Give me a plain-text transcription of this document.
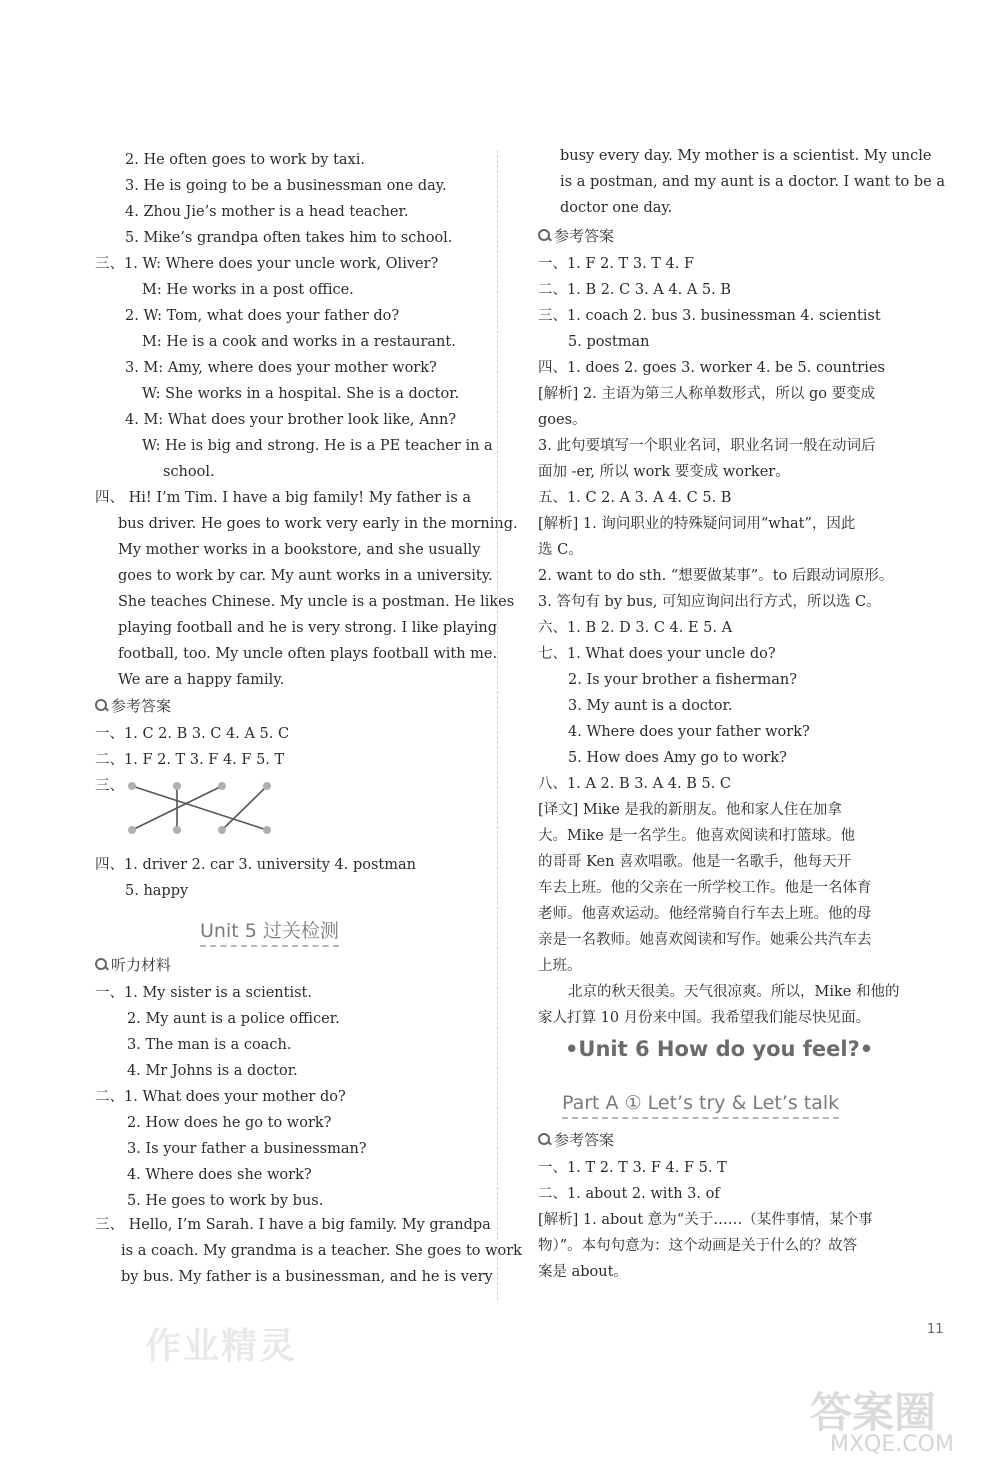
2. He often goes to work by taxi.
3. He is going to be a businessman one day.
4. Zhou Jie’s mother is a head teacher.
5. Mike’s grandpa often takes him to school.
三、1. W: Where does your uncle work, Oliver?
M: He works in a post office.
2. W: Tom, what does your father do?
M: He is a cook and works in a restaurant.
3. M: Amy, where does your mother work?
W: She works in a hospital. She is a doctor.
4. M: What does your brother look like, Ann?
W: He is big and strong. He is a PE teacher in a
school.
四、 Hi! I’m Tim. I have a big family! My father is a
bus driver. He goes to work very early in the morning.
My mother works in a bookstore, and she usually
goes to work by car. My aunt works in a university.
She teaches Chinese. My uncle is a postman. He likes
playing football and he is very strong. I like playing
football, too. My uncle often plays football with me.
We are a happy family.
参考答案
一、1. C 2. B 3. C 4. A 5. C
二、1. F 2. T 3. F 4. F 5. T
三、
四、1. driver 2. car 3. university 4. postman
5. happy
听力材料
一、1. My sister is a scientist.
2. My aunt is a police officer.
3. The man is a coach.
4. Mr Johns is a doctor.
二、1. What does your mother do?
2. How does he go to work?
3. Is your father a businessman?
4. Where does she work?
5. He goes to work by bus.
三、 Hello, I’m Sarah. I have a big family. My grandpa
is a coach. My grandma is a teacher. She goes to work
by bus. My father is a businessman, and he is very
busy every day. My mother is a scientist. My uncle
is a postman, and my aunt is a doctor. I want to be a
doctor one day.
参考答案
一、1. F 2. T 3. T 4. F
二、1. B 2. C 3. A 4. A 5. B
三、1. coach 2. bus 3. businessman 4. scientist
5. postman
四、1. does 2. goes 3. worker 4. be 5. countries
[解析] 2. 主语为第三人称单数形式，所以 go 要变成
goes。
3. 此句要填写一个职业名词，职业名词一般在动词后
面加 -er, 所以 work 要变成 worker。
五、1. C 2. A 3. A 4. C 5. B
[解析] 1. 询问职业的特殊疑问词用“what”，因此
选 C。
2. want to do sth. “想要做某事”。to 后跟动词原形。
3. 答句有 by bus, 可知应询问出行方式，所以选 C。
六、1. B 2. D 3. C 4. E 5. A
七、1. What does your uncle do?
2. Is your brother a fisherman?
3. My aunt is a doctor.
4. Where does your father work?
5. How does Amy go to work?
八、1. A 2. B 3. A 4. B 5. C
[译文] Mike 是我的新朋友。他和家人住在加拿
大。Mike 是一名学生。他喜欢阅读和打篮球。他
的哥哥 Ken 喜欢唱歌。他是一名歌手，他每天开
车去上班。他的父亲在一所学校工作。他是一名体育
老师。他喜欢运动。他经常骑自行车去上班。他的母
亲是一名教师。她喜欢阅读和写作。她乘公共汽车去
上班。
北京的秋天很美。天气很凉爽。所以，Mike 和他的
家人打算 10 月份来中国。我希望我们能尽快见面。
参考答案
一、1. T 2. T 3. F 4. F 5. T
二、1. about 2. with 3. of
[解析] 1. about 意为“关于……（某件事情，某个事
物）”。本句句意为：这个动画是关于什么的？故答
案是 about。
Unit 5 过关检测
•Unit 6 How do you feel?•
Part A ① Let’s try & Let’s talk
11
作业精灵
答案圈
MXQE.COM
